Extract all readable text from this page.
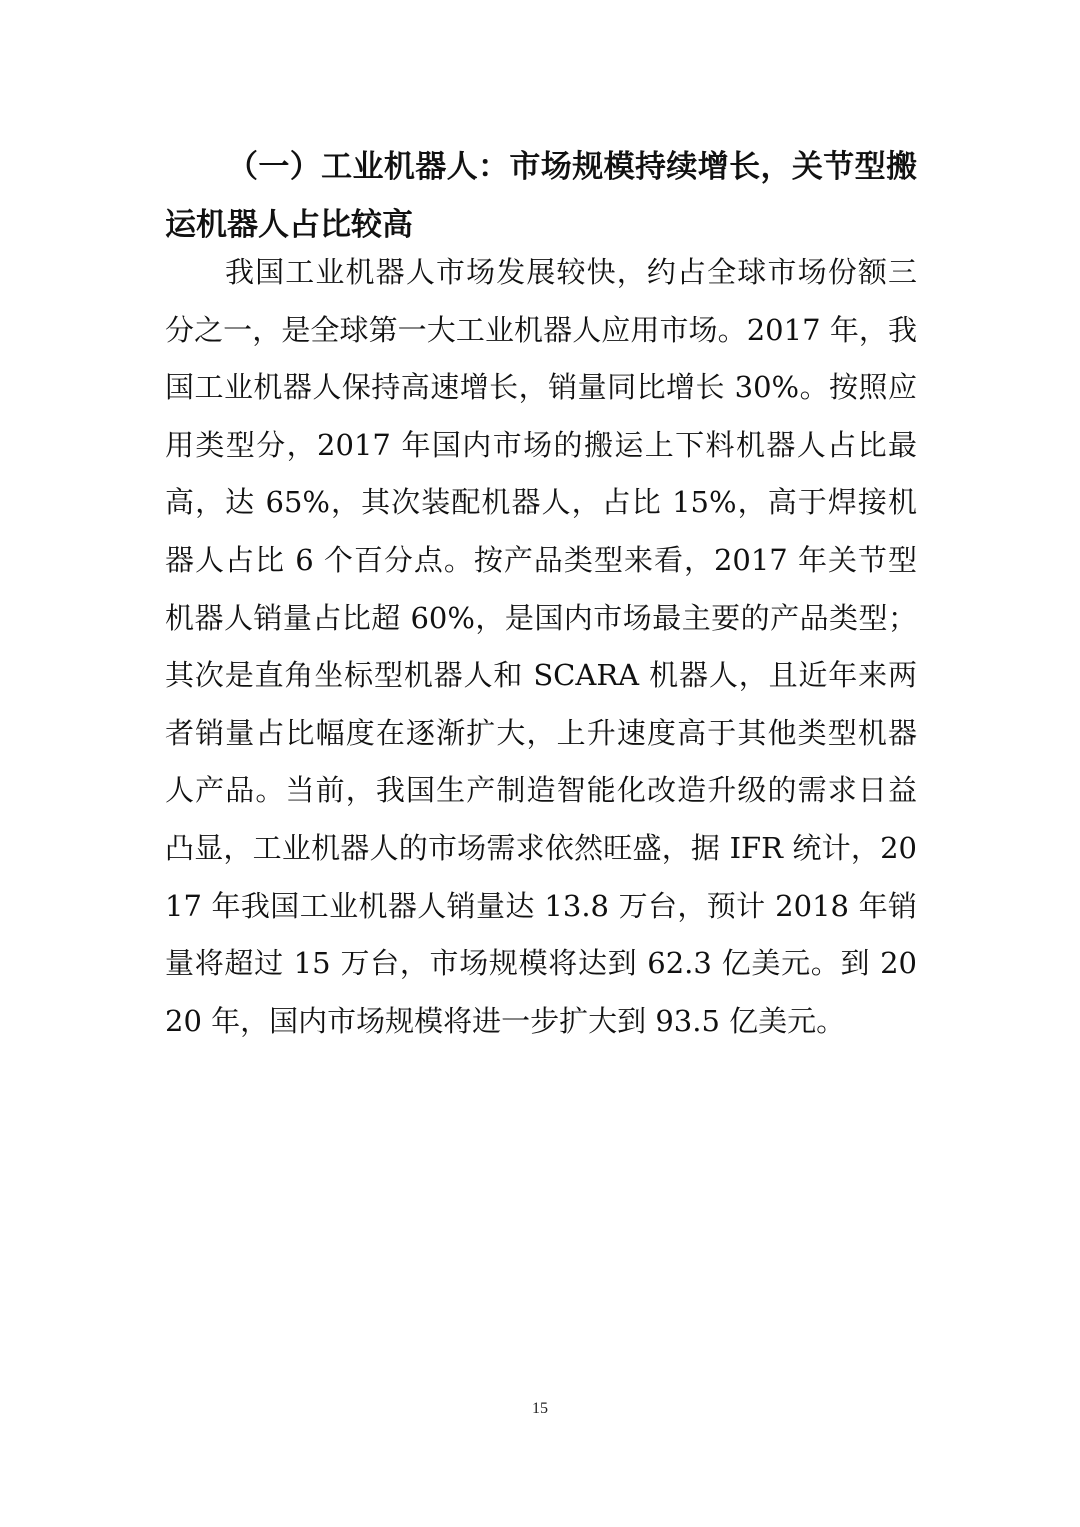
（一）工业机器人：市场规模持续增长，关节型搬运机器人占比较高

我国工业机器人市场发展较快，约占全球市场份额三分之一，是全球第一大工业机器人应用市场。2017 年，我国工业机器人保持高速增长，销量同比增长 30%。按照应用类型分，2017 年国内市场的搬运上下料机器人占比最高，达 65%，其次装配机器人，占比 15%，高于焊接机器人占比 6 个百分点。按产品类型来看，2017 年关节型机器人销量占比超 60%，是国内市场最主要的产品类型；其次是直角坐标型机器人和 SCARA 机器人，且近年来两者销量占比幅度在逐渐扩大，上升速度高于其他类型机器人产品。当前，我国生产制造智能化改造升级的需求日益凸显，工业机器人的市场需求依然旺盛，据 IFR 统计，2017 年我国工业机器人销量达 13.8 万台，预计 2018 年销量将超过 15 万台，市场规模将达到 62.3 亿美元。到 2020 年，国内市场规模将进一步扩大到 93.5 亿美元。

15
